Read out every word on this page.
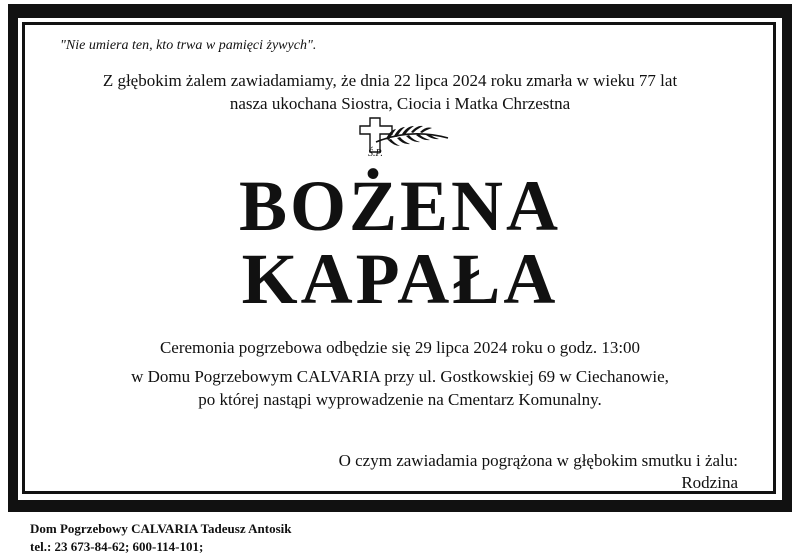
"Nie umiera ten, kto trwa w pamięci żywych".
Z głębokim żalem zawiadamiamy, że dnia 22 lipca 2024 roku zmarła w wieku 77 lat
nasza ukochana Siostra, Ciocia i Matka Chrzestna
Ś.P.
BOŻENA
KAPAŁA
Ceremonia pogrzebowa odbędzie się 29 lipca 2024 roku o godz. 13:00
w Domu Pogrzebowym CALVARIA przy ul. Gostkowskiej 69 w Ciechanowie,
po której nastąpi wyprowadzenie na Cmentarz Komunalny.
O czym zawiadamia pogrążona w głębokim smutku i żalu:
Rodzina
Dom Pogrzebowy CALVARIA Tadeusz Antosik
tel.: 23 673-84-62; 600-114-101;
